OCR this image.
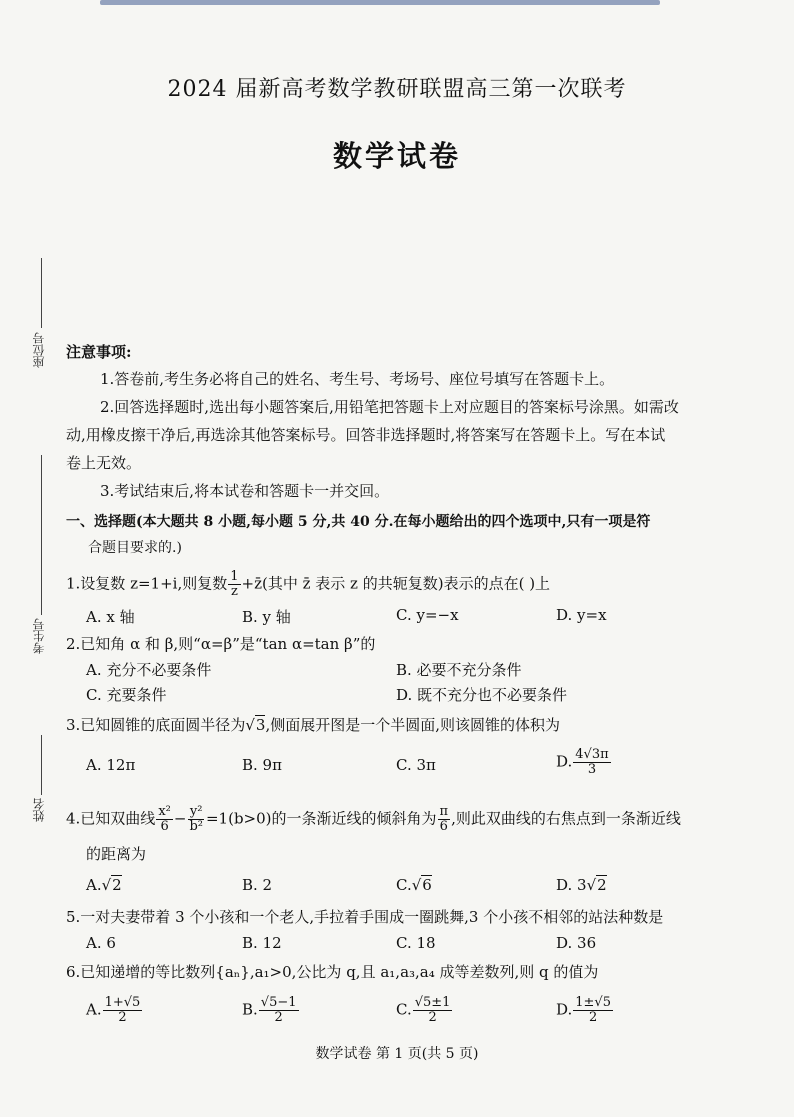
2024 届新高考数学教研联盟高三第一次联考
数学试卷
座位号
考生号
姓名
注意事项:
1.答卷前,考生务必将自己的姓名、考生号、考场号、座位号填写在答题卡上。
2.回答选择题时,选出每小题答案后,用铅笔把答题卡上对应题目的答案标号涂黑。如需改
动,用橡皮擦干净后,再选涂其他答案标号。回答非选择题时,将答案写在答题卡上。写在本试
卷上无效。
3.考试结束后,将本试卷和答题卡一并交回。
一、选择题(本大题共 8 小题,每小题 5 分,共 40 分.在每小题给出的四个选项中,只有一项是符
合题目要求的.)
1.设复数 z=1+i,则复数 $\frac{1}{z}$ +z̄(其中 z̄ 表示 z 的共轭复数)表示的点在( )上
A. x 轴	B. y 轴	C. y=−x	D. y=x
2.已知角 α 和 β,则“α=β”是“tan α=tan β”的
A. 充分不必要条件	B. 必要不充分条件
C. 充要条件	D. 既不充分也不必要条件
3.已知圆锥的底面圆半径为√3,侧面展开图是一个半圆面,则该圆锥的体积为
A. 12π	B. 9π	C. 3π	D. $\frac{4√3\pi}{3}$
4.已知双曲线 $\frac{\text{x²}}{6} - \frac{\text{y²}}{\text{b²}} =1(b>0)$的一条渐近线的倾斜角为 $\frac{\pi}{6}$ ,则此双曲线的右焦点到一条渐近线
的距离为
A.√2	B. 2	C.√6	D. 3√2
5.一对夫妻带着 3 个小孩和一个老人,手拉着手围成一圈跳舞,3 个小孩不相邻的站法种数是
A. 6	B. 12	C. 18	D. 36
6.已知递增的等比数列{aₙ},a₁>0,公比为 q,且 a₁,a₃,a₄ 成等差数列,则 q 的值为
A. $\frac{1+√5}{2}$	B. $\frac{√5-1}{2}$	C. $\frac{√5\pm 1}{2}$	D. $\frac{1\pm√5}{2}$
数学试卷 第 1 页(共 5 页)
